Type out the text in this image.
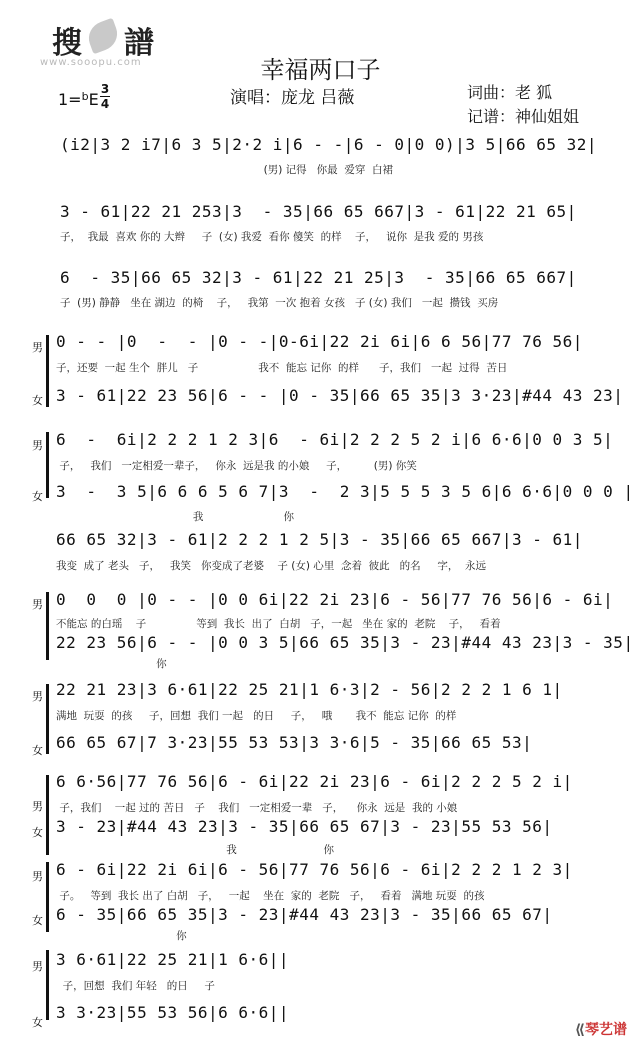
搜 譜
www.sooopu.com	幸福两口子
1=$^b$E
3
4	演唱：庞龙 吕薇	词曲：老 狐
记谱：神仙姐姐
(i2|3 2 i7|6 3 5|2·2 i|6 - -|6 - 0|0 0)|3 5|66 65 32|
(男) 记得   你最  爱穿  白裙
3 - 61|22 21 253|3  - 35|66 65 667|3 - 61|22 21 65|
子，  我最  喜欢 你的 大辫     子  (女) 我爱  看你 傻笑  的样    子，   说你  是我 爱的 男孩
6  - 35|66 65 32|3 - 61|22 21 25|3  - 35|66 65 667|
子  (男) 静静   坐在 湖边  的椅    子，   我第  一次 抱着 女孩   子 (女) 我们   一起  攒钱  买房
男 0 - - |0  -  - |0 - -|0-6i|22 2i 6i|6 6 56|77 76 56|
子，还要  一起 生个  胖儿   子                  我不  能忘 记你  的样      子，我们   一起  过得  苦日
女 3 - 61|22 23 56|6 - - |0 - 35|66 65 35|3 3·23|#44 43 23|
男 6  -  6i|2 2 2 1 2 3|6  - 6i|2 2 2 5 2 i|6 6·6|0 0 3 5|
子，   我们   一定相爱一辈子，   你永  远是我 的小娘     子，        (男) 你笑
女 3  -  3 5|6 6 6 5 6 7|3  -  2 3|5 5 5 3 5 6|6 6·6|0 0 0 |
我                        你
66 65 32|3 - 61|2 2 2 1 2 5|3 - 35|66 65 667|3 - 61|
我变  成了 老头   子，   我笑   你变成了老婆    子 (女) 心里  念着  彼此   的名     字，  永远
男 0  0  0 |0 - - |0 0 6i|22 2i 23|6 - 56|77 76 56|6 - 6i|
不能忘 的白瑶    子               等到  我长  出了  白胡   子，一起   坐在 家的  老院    子，   看着
22 23 56|6 - - |0 0 3 5|66 65 35|3 - 23|#44 43 23|3 - 35|
你
男 22 21 23|3 6·61|22 25 21|1 6·3|2 - 56|2 2 2 1 6 1|
满地  玩耍  的孩     子，回想  我们 一起   的日     子，   哦       我不  能忘 记你  的样
女 66 65 67|7 3·23|55 53 53|3 3·6|5 - 35|66 65 53|
男
6 6·56|77 76 56|6 - 6i|22 2i 23|6 - 6i|2 2 2 5 2 i|
子，我们    一起 过的 苦日   子    我们   一定相爱一辈   子，    你永  远是  我的 小娘
女 3 - 23|#44 43 23|3 - 35|66 65 67|3 - 23|55 53 56|
我                          你
男 6 - 6i|22 2i 6i|6 - 56|77 76 56|6 - 6i|2 2 2 1 2 3|
子。   等到  我长 出了 白胡   子，   一起    坐在  家的  老院   子，   看着   满地 玩耍  的孩
女 6 - 35|66 65 35|3 - 23|#44 43 23|3 - 35|66 65 67|
你
男 3 6·61|22 25 21|1 6·6||
子，回想  我们 年轻   的日     子
女
3 3·23|55 53 56|6 6·6||
⟪琴艺谱
